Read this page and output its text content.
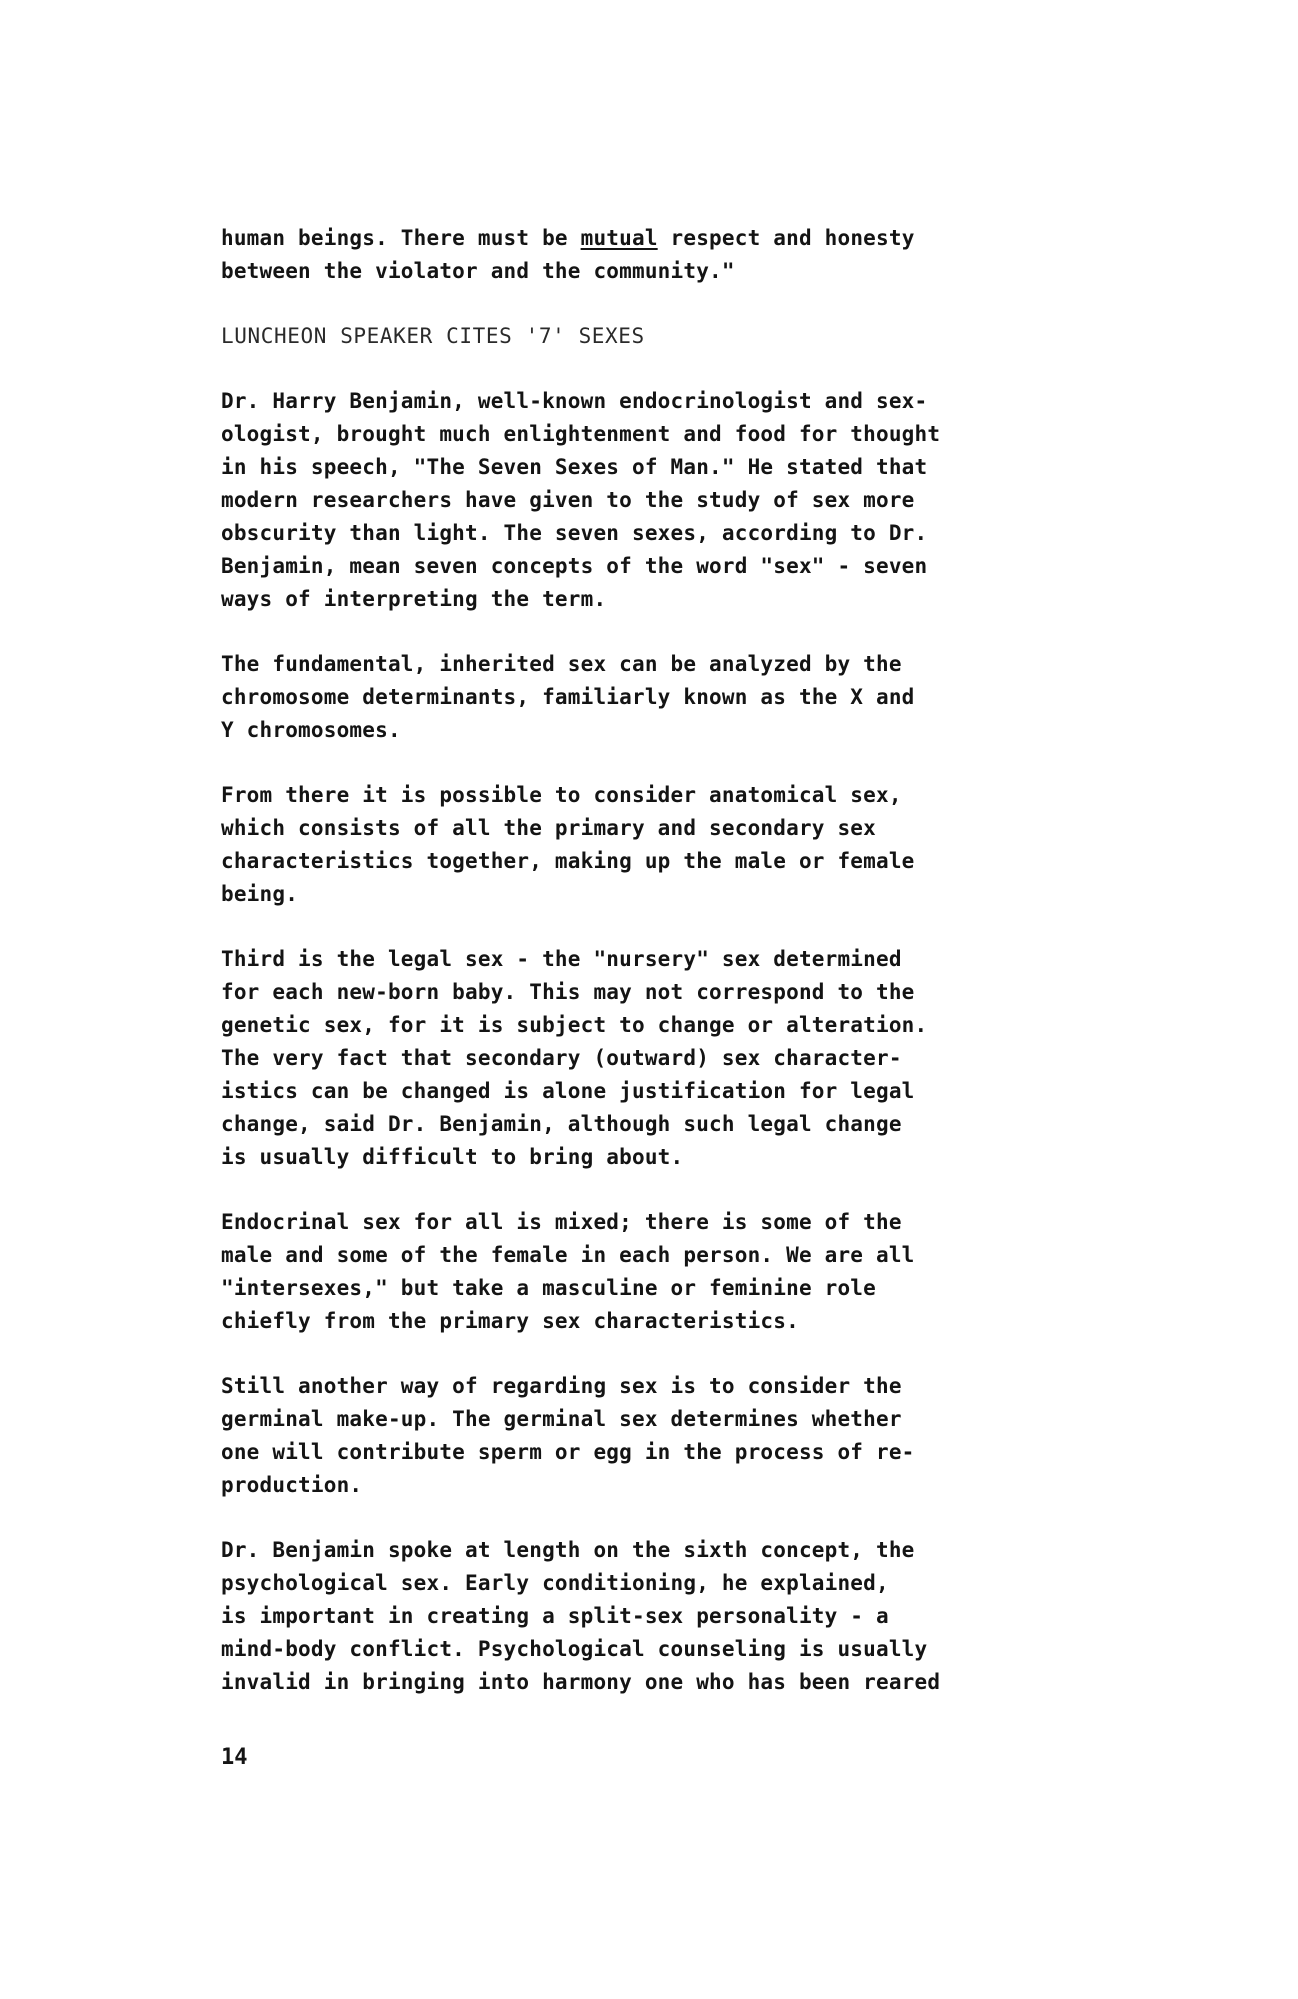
human beings. There must be mutual respect and honesty
between the violator and the community."
LUNCHEON SPEAKER CITES '7' SEXES
Dr. Harry Benjamin, well-known endocrinologist and sex-
ologist, brought much enlightenment and food for thought
in his speech, "The Seven Sexes of Man." He stated that
modern researchers have given to the study of sex more
obscurity than light. The seven sexes, according to Dr.
Benjamin, mean seven concepts of the word "sex" - seven
ways of interpreting the term.
The fundamental, inherited sex can be analyzed by the
chromosome determinants, familiarly known as the X and
Y chromosomes.
From there it is possible to consider anatomical sex,
which consists of all the primary and secondary sex
characteristics together, making up the male or female
being.
Third is the legal sex - the "nursery" sex determined
for each new-born baby. This may not correspond to the
genetic sex, for it is subject to change or alteration.
The very fact that secondary (outward) sex character-
istics can be changed is alone justification for legal
change, said Dr. Benjamin, although such legal change
is usually difficult to bring about.
Endocrinal sex for all is mixed; there is some of the
male and some of the female in each person. We are all
"intersexes," but take a masculine or feminine role
chiefly from the primary sex characteristics.
Still another way of regarding sex is to consider the
germinal make-up. The germinal sex determines whether
one will contribute sperm or egg in the process of re-
production.
Dr. Benjamin spoke at length on the sixth concept, the
psychological sex. Early conditioning, he explained,
is important in creating a split-sex personality - a
mind-body conflict. Psychological counseling is usually
invalid in bringing into harmony one who has been reared
14
